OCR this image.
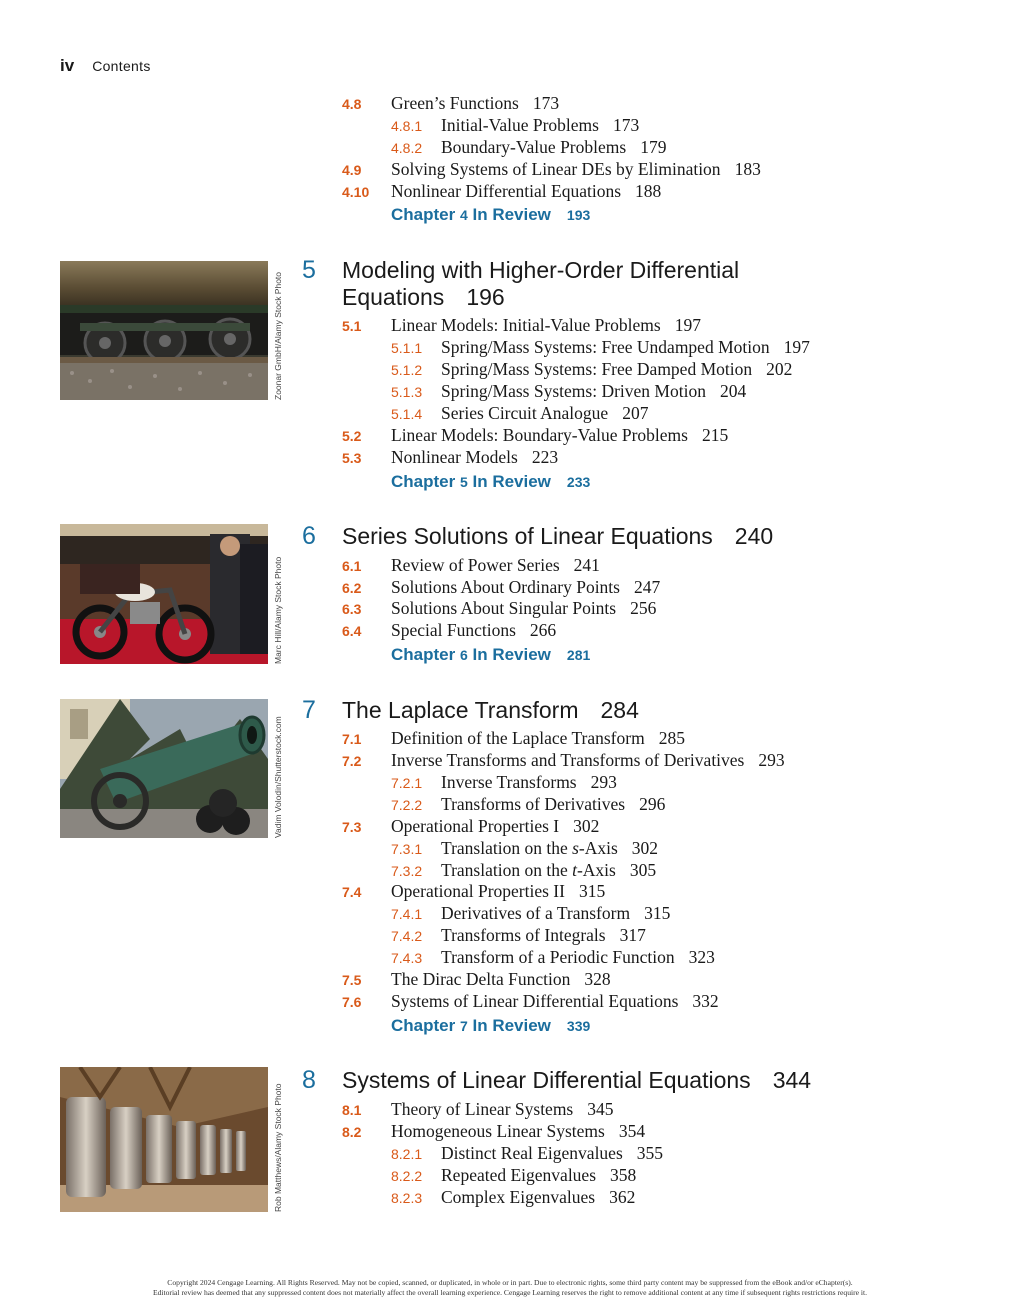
iv Contents
4.8 Green’s Functions 173
4.8.1 Initial-Value Problems 173
4.8.2 Boundary-Value Problems 179
4.9 Solving Systems of Linear DEs by Elimination 183
4.10 Nonlinear Differential Equations 188
Chapter 4 In Review 193
Zoonar GmbH/Alamy Stock Photo
5 Modeling with Higher-Order Differential
Equations 196
5.1 Linear Models: Initial-Value Problems 197
5.1.1 Spring/Mass Systems: Free Undamped Motion 197
5.1.2 Spring/Mass Systems: Free Damped Motion 202
5.1.3 Spring/Mass Systems: Driven Motion 204
5.1.4 Series Circuit Analogue 207
5.2 Linear Models: Boundary-Value Problems 215
5.3 Nonlinear Models 223
Chapter 5 In Review 233
Marc Hill/Alamy Stock Photo
6 Series Solutions of Linear Equations 240
6.1 Review of Power Series 241
6.2 Solutions About Ordinary Points 247
6.3 Solutions About Singular Points 256
6.4 Special Functions 266
Chapter 6 In Review 281
Vadim Volodin/Shutterstock.com
7 The Laplace Transform 284
7.1 Definition of the Laplace Transform 285
7.2 Inverse Transforms and Transforms of Derivatives 293
7.2.1 Inverse Transforms 293
7.2.2 Transforms of Derivatives 296
7.3 Operational Properties I 302
7.3.1 Translation on the s-Axis 302
7.3.2 Translation on the t-Axis 305
7.4 Operational Properties II 315
7.4.1 Derivatives of a Transform 315
7.4.2 Transforms of Integrals 317
7.4.3 Transform of a Periodic Function 323
7.5 The Dirac Delta Function 328
7.6 Systems of Linear Differential Equations 332
Chapter 7 In Review 339
Rob Matthews/Alamy Stock Photo
8 Systems of Linear Differential Equations 344
8.1 Theory of Linear Systems 345
8.2 Homogeneous Linear Systems 354
8.2.1 Distinct Real Eigenvalues 355
8.2.2 Repeated Eigenvalues 358
8.2.3 Complex Eigenvalues 362
Copyright 2024 Cengage Learning. All Rights Reserved. May not be copied, scanned, or duplicated, in whole or in part. Due to electronic rights, some third party content may be suppressed from the eBook and/or eChapter(s).
Editorial review has deemed that any suppressed content does not materially affect the overall learning experience. Cengage Learning reserves the right to remove additional content at any time if subsequent rights restrictions require it.
